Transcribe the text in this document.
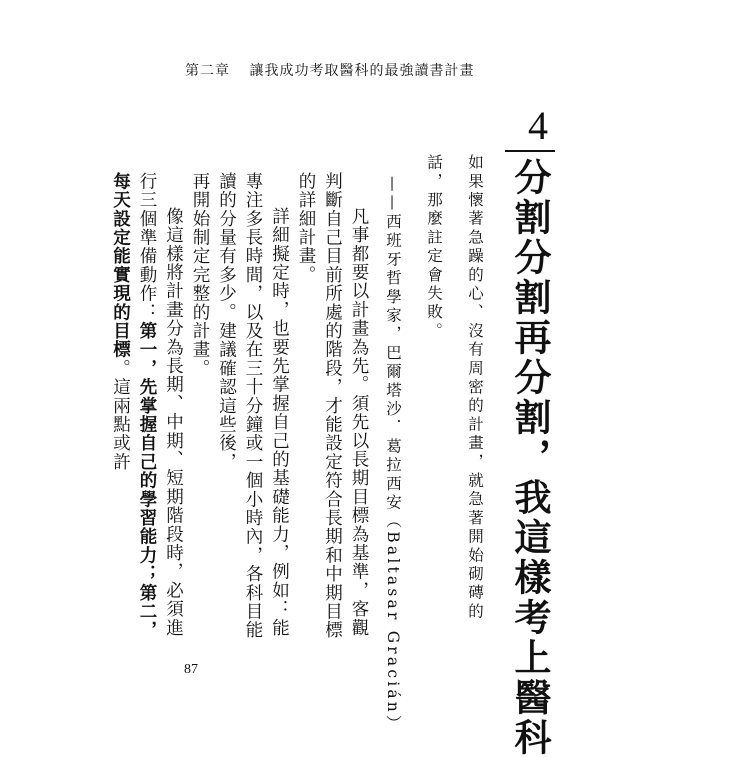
第二章 讓我成功考取醫科的最強讀書計畫
4
分割分割再分割，我這樣考上醫科
如果懷著急躁的心、沒有周密的計畫，就急著開始砌磚的話，那麼註定會失敗。
——西班牙哲學家，巴爾塔沙．葛拉西安（Baltasar Gracián）

凡事都要以計畫為先。須先以長期目標為基準，客觀判斷自己目前所處的階段，才能設定符合長期和中期目標的詳細計畫。

詳細擬定時，也要先掌握自己的基礎能力，例如：能專注多長時間，以及在三十分鐘或一個小時內，各科目能讀的分量有多少。建議確認這些後，

再開始制定完整的計畫。

像這樣將計畫分為長期、中期、短期階段時，必須進行三個準備動作：第一，先掌握自己的學習能力；第二，每天設定能實現的目標。這兩點或許

87
